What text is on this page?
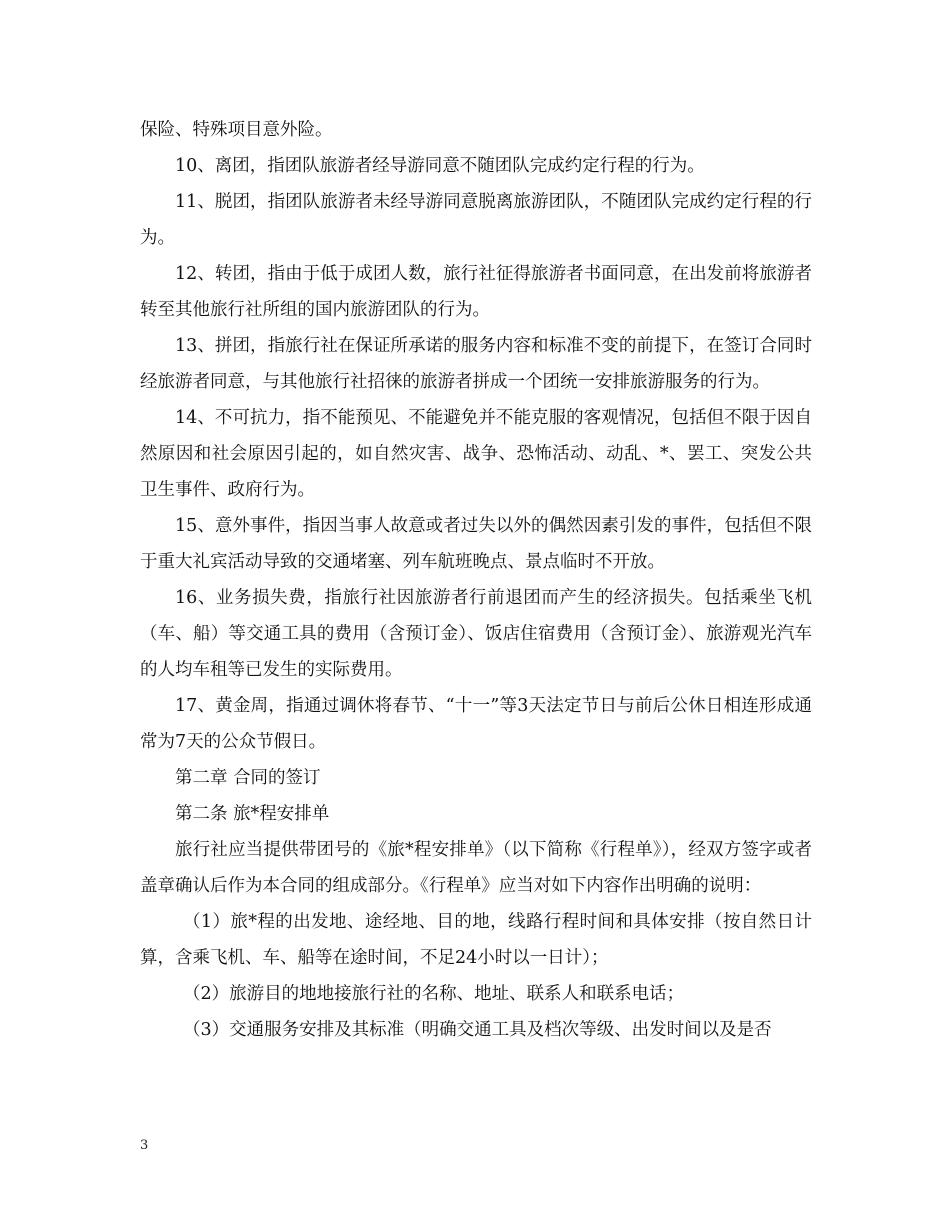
保险、特殊项目意外险。

10、离团，指团队旅游者经导游同意不随团队完成约定行程的行为。

11、脱团，指团队旅游者未经导游同意脱离旅游团队，不随团队完成约定行程的行为。

12、转团，指由于低于成团人数，旅行社征得旅游者书面同意，在出发前将旅游者转至其他旅行社所组的国内旅游团队的行为。

13、拼团，指旅行社在保证所承诺的服务内容和标准不变的前提下，在签订合同时经旅游者同意，与其他旅行社招徕的旅游者拼成一个团统一安排旅游服务的行为。

14、不可抗力，指不能预见、不能避免并不能克服的客观情况，包括但不限于因自然原因和社会原因引起的，如自然灾害、战争、恐怖活动、动乱、*、罢工、突发公共卫生事件、政府行为。

15、意外事件，指因当事人故意或者过失以外的偶然因素引发的事件，包括但不限于重大礼宾活动导致的交通堵塞、列车航班晚点、景点临时不开放。

16、业务损失费，指旅行社因旅游者行前退团而产生的经济损失。包括乘坐飞机（车、船）等交通工具的费用（含预订金）、饭店住宿费用（含预订金）、旅游观光汽车的人均车租等已发生的实际费用。

17、黄金周，指通过调休将春节、“十一”等3天法定节日与前后公休日相连形成通常为7天的公众节假日。

第二章 合同的签订

第二条 旅*程安排单

旅行社应当提供带团号的《旅*程安排单》（以下简称《行程单》），经双方签字或者盖章确认后作为本合同的组成部分。《行程单》应当对如下内容作出明确的说明：

（1）旅*程的出发地、途经地、目的地，线路行程时间和具体安排（按自然日计算，含乘飞机、车、船等在途时间，不足24小时以一日计）；

（2）旅游目的地地接旅行社的名称、地址、联系人和联系电话；

（3）交通服务安排及其标准（明确交通工具及档次等级、出发时间以及是否

3
